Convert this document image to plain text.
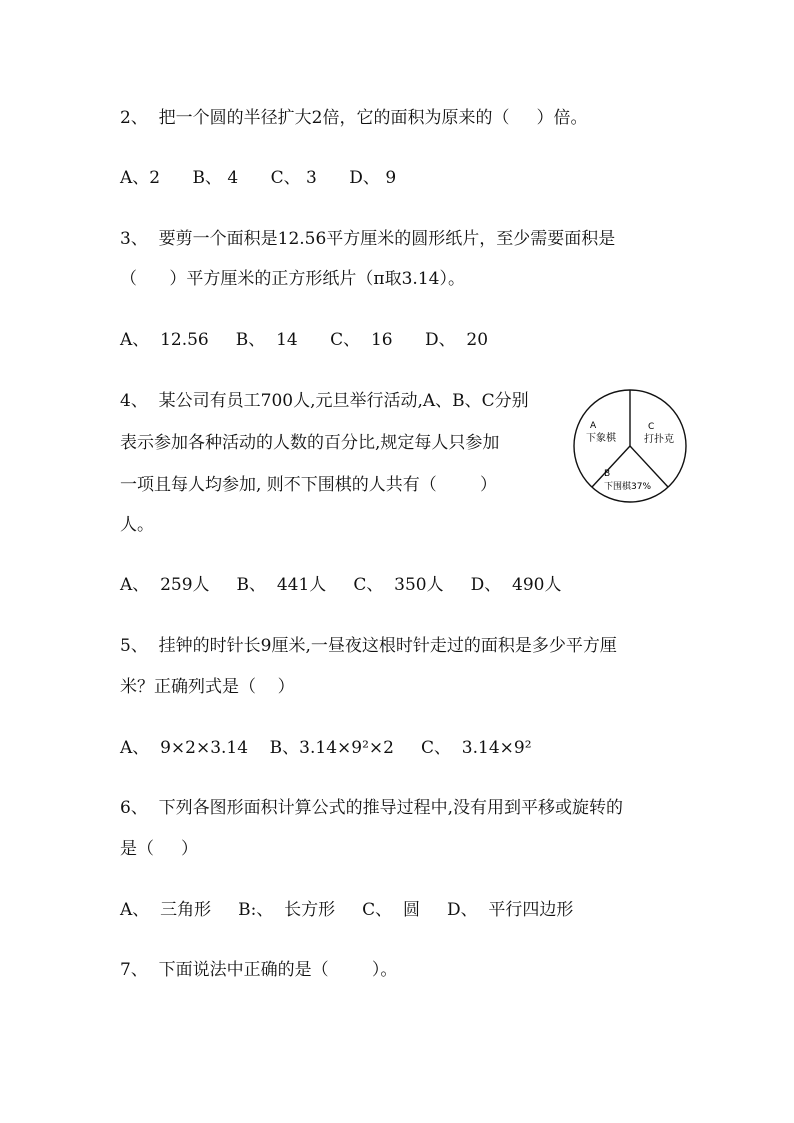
2、  把一个圆的半径扩大2倍，它的面积为原来的（     ）倍。
A、2      B、 4      C、 3      D、 9
3、  要剪一个面积是12.56平方厘米的圆形纸片，至少需要面积是
（      ）平方厘米的正方形纸片（π取3.14）。
A、  12.56     B、  14      C、  16      D、  20
4、  某公司有员工700人,元旦举行活动,A、B、C分别
表示参加各种活动的人数的百分比,规定每人只参加
一项且每人均参加, 则不下围棋的人共有（        ）
人。
A
下象棋
C
打扑克
B
下围棋37%
A、  259人     B、  441人     C、  350人     D、  490人
5、  挂钟的时针长9厘米,一昼夜这根时针走过的面积是多少平方厘
米？正确列式是（    ）
A、  9×2×3.14    B、3.14×9²×2     C、  3.14×9²
6、  下列各图形面积计算公式的推导过程中,没有用到平移或旋转的
是（     ）
A、  三角形     B:、  长方形     C、  圆     D、  平行四边形
7、  下面说法中正确的是（        ）。
